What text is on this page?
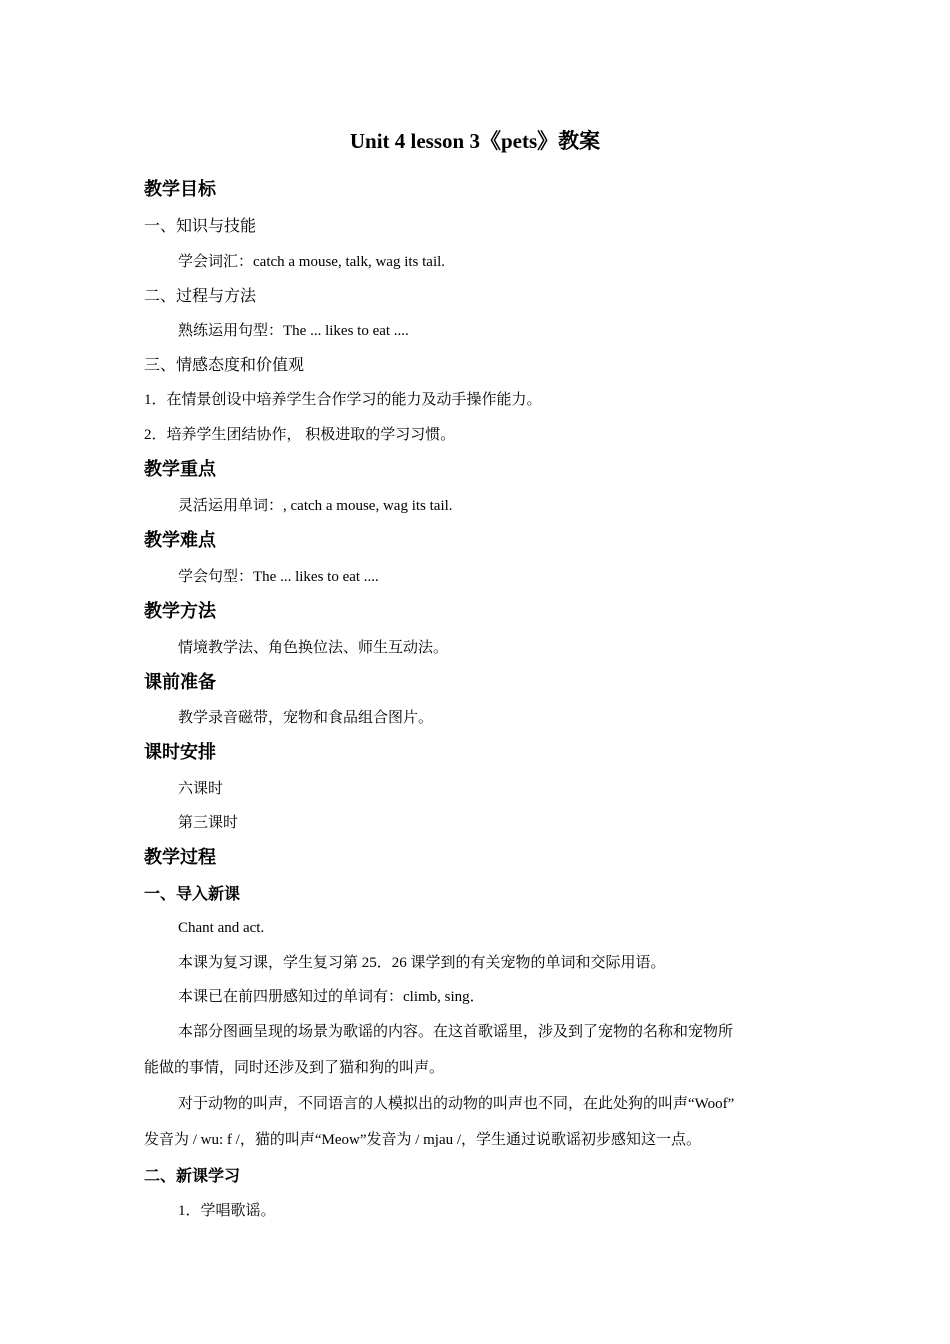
Unit 4 lesson 3《pets》教案
教学目标
一、知识与技能
学会词汇：catch a mouse, talk, wag its tail.
二、过程与方法
熟练运用句型：The ... likes to eat ....
三、情感态度和价值观
1．在情景创设中培养学生合作学习的能力及动手操作能力。
2．培养学生团结协作， 积极进取的学习习惯。
教学重点
灵活运用单词：, catch a mouse, wag its tail.
教学难点
学会句型：The ... likes to eat ....
教学方法
情境教学法、角色换位法、师生互动法。
课前准备
教学录音磁带，宠物和食品组合图片。
课时安排
六课时
第三课时
教学过程
一、导入新课
Chant and act.
本课为复习课，学生复习第 25．26 课学到的有关宠物的单词和交际用语。
本课已在前四册感知过的单词有：climb, sing．
本部分图画呈现的场景为歌谣的内容。在这首歌谣里，涉及到了宠物的名称和宠物所
能做的事情，同时还涉及到了猫和狗的叫声。
对于动物的叫声，不同语言的人模拟出的动物的叫声也不同，在此处狗的叫声“Woof”
发音为 / wu: f /，猫的叫声“Meow”发音为 / mjau /，学生通过说歌谣初步感知这一点。
二、新课学习
1．学唱歌谣。
